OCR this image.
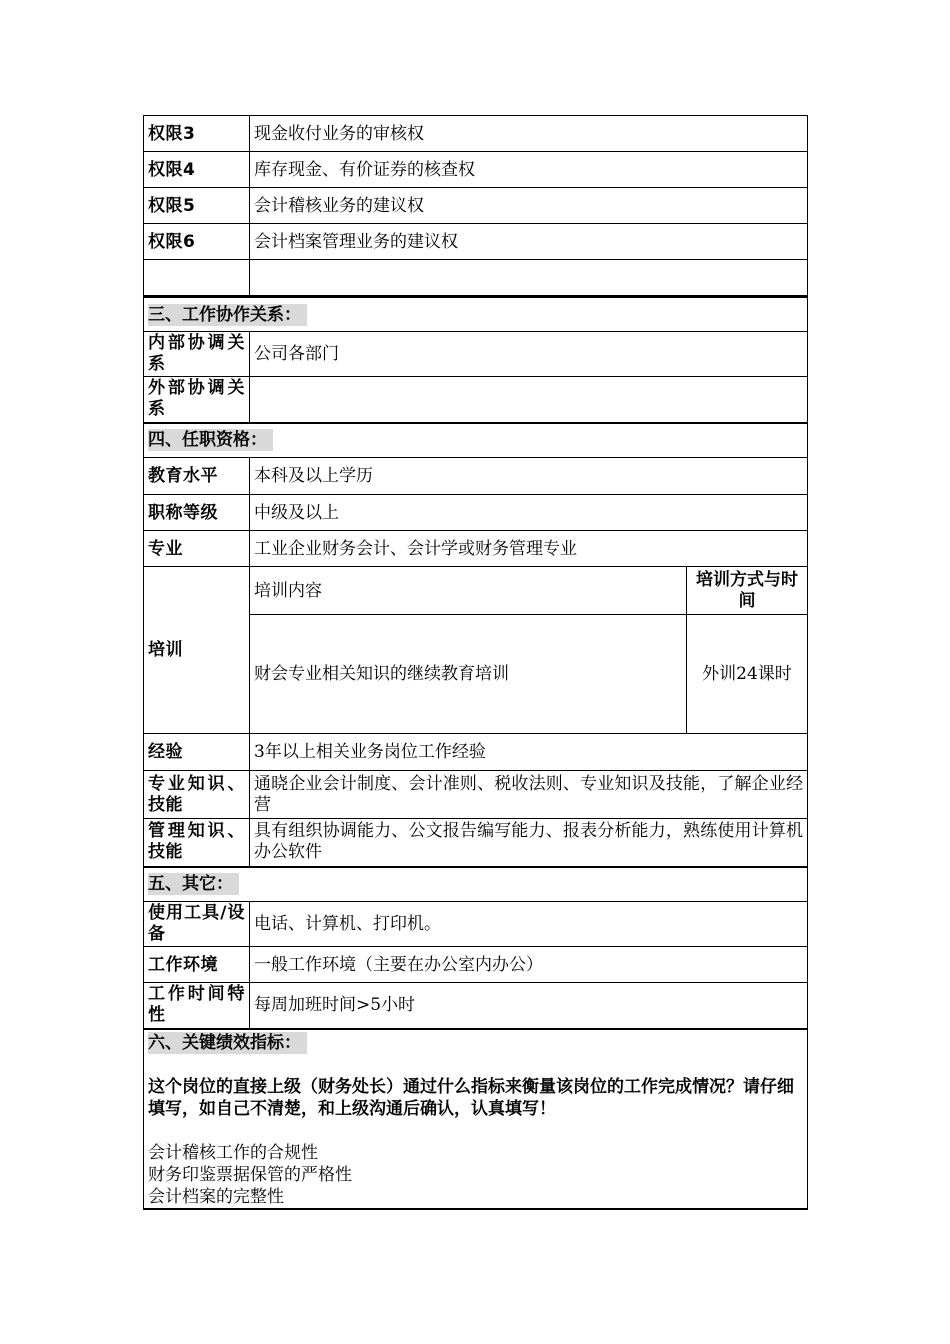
权限3	现金收付业务的审核权	
权限4	库存现金、有价证券的核查权	
权限5	会计稽核业务的建议权	
权限6	会计档案管理业务的建议权	

三、工作协作关系：		
内部协调关系	公司各部门	
外部协调关系		
四、任职资格：		
教育水平	本科及以上学历	
职称等级	中级及以上	
专业	工业企业财务会计、会计学或财务管理专业	
培训	培训内容	培训方式与时间
	财会专业相关知识的继续教育培训	外训24课时
经验	3年以上相关业务岗位工作经验	
专业知识、技能	通晓企业会计制度、会计准则、税收法则、专业知识及技能，了解企业经营	
管理知识、技能	具有组织协调能力、公文报告编写能力、报表分析能力，熟练使用计算机办公软件	
五、其它：		
使用工具/设备	电话、计算机、打印机。	
工作环境	一般工作环境（主要在办公室内办公）	
工作时间特性	每周加班时间>5小时	
六、关键绩效指标：
这个岗位的直接上级（财务处长）通过什么指标来衡量该岗位的工作完成情况？请仔细填写，如自己不清楚，和上级沟通后确认，认真填写！
会计稽核工作的合规性
财务印鉴票据保管的严格性
会计档案的完整性		
